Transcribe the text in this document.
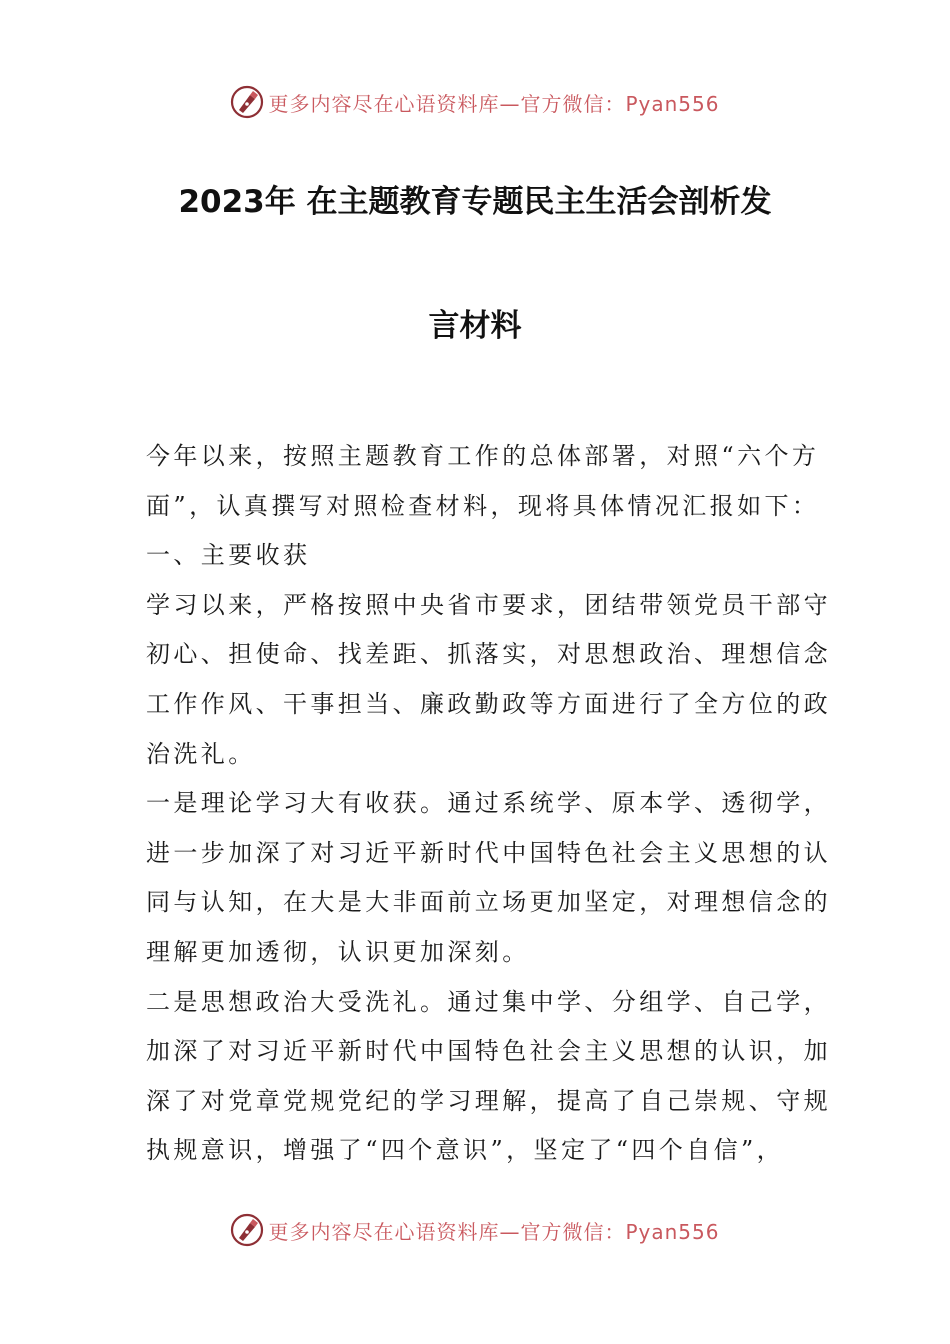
更多内容尽在心语资料库—官方微信：Pyan556
2023年 在主题教育专题民主生活会剖析发
言材料
今年以来，按照主题教育工作的总体部署，对照“六个方
面”，认真撰写对照检查材料，现将具体情况汇报如下：
一、主要收获
学习以来，严格按照中央省市要求，团结带领党员干部守
初心、担使命、找差距、抓落实，对思想政治、理想信念
工作作风、干事担当、廉政勤政等方面进行了全方位的政
治洗礼。
一是理论学习大有收获。通过系统学、原本学、透彻学，
进一步加深了对习近平新时代中国特色社会主义思想的认
同与认知，在大是大非面前立场更加坚定，对理想信念的
理解更加透彻，认识更加深刻。
二是思想政治大受洗礼。通过集中学、分组学、自己学，
加深了对习近平新时代中国特色社会主义思想的认识，加
深了对党章党规党纪的学习理解，提高了自己崇规、守规
执规意识，增强了“四个意识”，坚定了“四个自信”，
更多内容尽在心语资料库—官方微信：Pyan556
